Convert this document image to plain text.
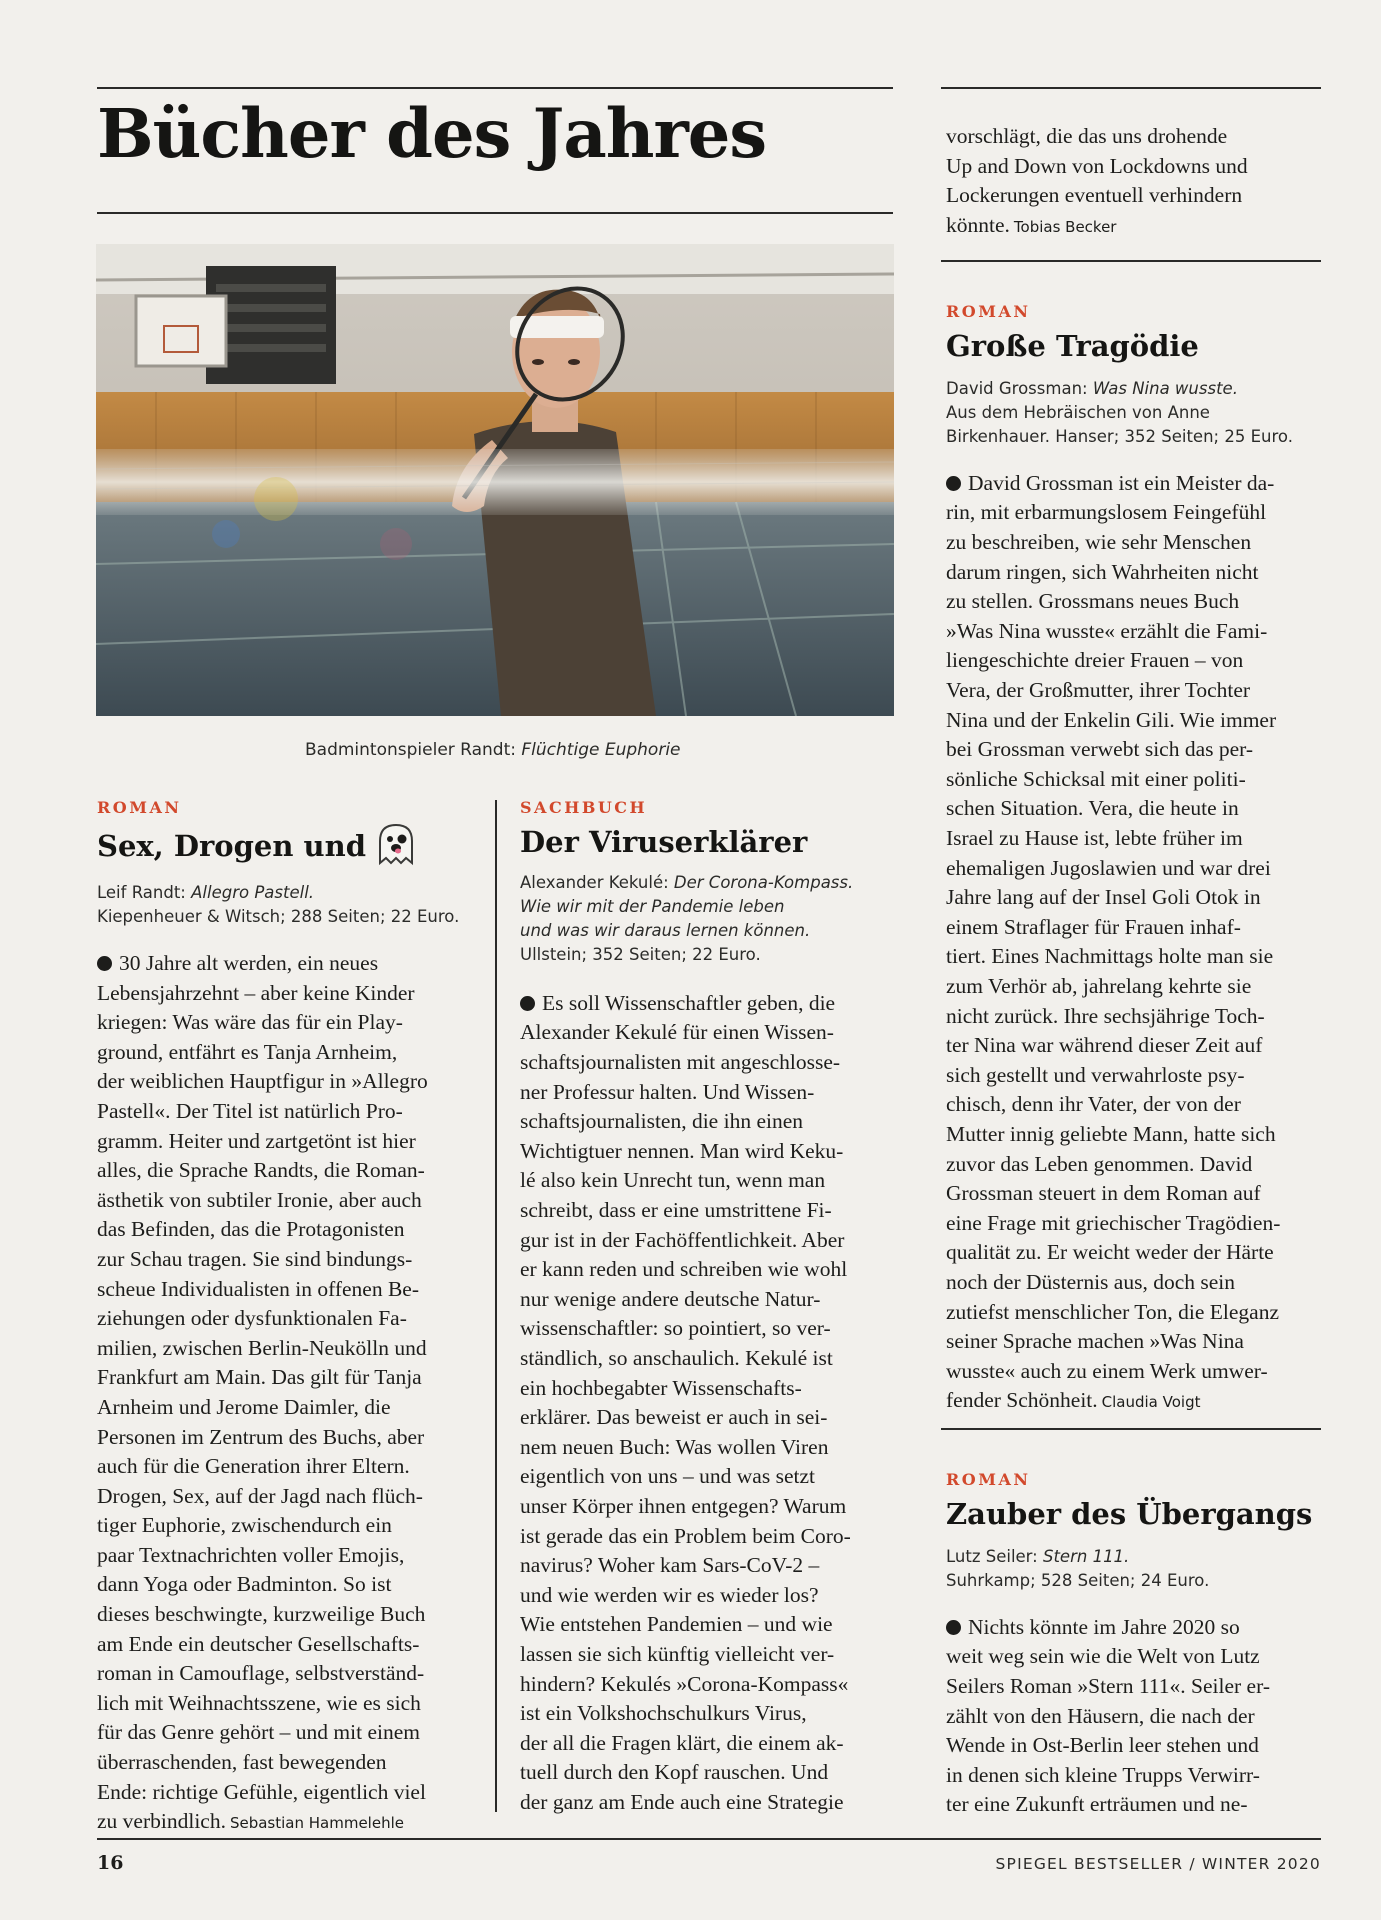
Bücher des Jahres
Badmintonspieler Randt: Flüchtige Euphorie
ROMAN
Sex, Drogen und
Leif Randt: Allegro Pastell.
Kiepenheuer & Witsch; 288 Seiten; 22 Euro.
30 Jahre alt werden, ein neues
Lebensjahrzehnt – aber keine Kinder
kriegen: Was wäre das für ein Play-
ground, entfährt es Tanja Arnheim,
der weiblichen Hauptfigur in »Allegro
Pastell«. Der Titel ist natürlich Pro-
gramm. Heiter und zartgetönt ist hier
alles, die Sprache Randts, die Roman-
ästhetik von subtiler Ironie, aber auch
das Befinden, das die Protagonisten
zur Schau tragen. Sie sind bindungs-
scheue Individualisten in offenen Be-
ziehungen oder dysfunktionalen Fa-
milien, zwischen Berlin-Neukölln und
Frankfurt am Main. Das gilt für Tanja
Arnheim und Jerome Daimler, die
Personen im Zentrum des Buchs, aber
auch für die Generation ihrer Eltern.
Drogen, Sex, auf der Jagd nach flüch-
tiger Euphorie, zwischendurch ein
paar Textnachrichten voller Emojis,
dann Yoga oder Badminton. So ist
dieses beschwingte, kurzweilige Buch
am Ende ein deutscher Gesellschafts-
roman in Camouflage, selbstverständ-
lich mit Weihnachtsszene, wie es sich
für das Genre gehört – und mit einem
überraschenden, fast bewegenden
Ende: richtige Gefühle, eigentlich viel
zu verbindlich. Sebastian Hammelehle
SACHBUCH
Der Viruserklärer
Alexander Kekulé: Der Corona-Kompass.
Wie wir mit der Pandemie leben
und was wir daraus lernen können.
Ullstein; 352 Seiten; 22 Euro.
Es soll Wissenschaftler geben, die
Alexander Kekulé für einen Wissen-
schaftsjournalisten mit angeschlosse-
ner Professur halten. Und Wissen-
schaftsjournalisten, die ihn einen
Wichtigtuer nennen. Man wird Keku-
lé also kein Unrecht tun, wenn man
schreibt, dass er eine umstrittene Fi-
gur ist in der Fachöffentlichkeit. Aber
er kann reden und schreiben wie wohl
nur wenige andere deutsche Natur-
wissenschaftler: so pointiert, so ver-
ständlich, so anschaulich. Kekulé ist
ein hochbegabter Wissenschafts-
erklärer. Das beweist er auch in sei-
nem neuen Buch: Was wollen Viren
eigentlich von uns – und was setzt
unser Körper ihnen entgegen? Warum
ist gerade das ein Problem beim Coro-
navirus? Woher kam Sars-CoV-2 –
und wie werden wir es wieder los?
Wie entstehen Pandemien – und wie
lassen sie sich künftig vielleicht ver-
hindern? Kekulés »Corona-Kompass«
ist ein Volkshochschulkurs Virus,
der all die Fragen klärt, die einem ak-
tuell durch den Kopf rauschen. Und
der ganz am Ende auch eine Strategie
vorschlägt, die das uns drohende
Up and Down von Lockdowns und
Lockerungen eventuell verhindern
könnte. Tobias Becker
ROMAN
Große Tragödie
David Grossman: Was Nina wusste.
Aus dem Hebräischen von Anne
Birkenhauer. Hanser; 352 Seiten; 25 Euro.
David Grossman ist ein Meister da-
rin, mit erbarmungslosem Feingefühl
zu beschreiben, wie sehr Menschen
darum ringen, sich Wahrheiten nicht
zu stellen. Grossmans neues Buch
»Was Nina wusste« erzählt die Fami-
liengeschichte dreier Frauen – von
Vera, der Großmutter, ihrer Tochter
Nina und der Enkelin Gili. Wie immer
bei Grossman verwebt sich das per-
sönliche Schicksal mit einer politi-
schen Situation. Vera, die heute in
Israel zu Hause ist, lebte früher im
ehemaligen Jugoslawien und war drei
Jahre lang auf der Insel Goli Otok in
einem Straflager für Frauen inhaf-
tiert. Eines Nachmittags holte man sie
zum Verhör ab, jahrelang kehrte sie
nicht zurück. Ihre sechsjährige Toch-
ter Nina war während dieser Zeit auf
sich gestellt und verwahrloste psy-
chisch, denn ihr Vater, der von der
Mutter innig geliebte Mann, hatte sich
zuvor das Leben genommen. David
Grossman steuert in dem Roman auf
eine Frage mit griechischer Tragödien-
qualität zu. Er weicht weder der Härte
noch der Düsternis aus, doch sein
zutiefst menschlicher Ton, die Eleganz
seiner Sprache machen »Was Nina
wusste« auch zu einem Werk umwer-
fender Schönheit. Claudia Voigt
ROMAN
Zauber des Übergangs
Lutz Seiler: Stern 111.
Suhrkamp; 528 Seiten; 24 Euro.
Nichts könnte im Jahre 2020 so
weit weg sein wie die Welt von Lutz
Seilers Roman »Stern 111«. Seiler er-
zählt von den Häusern, die nach der
Wende in Ost-Berlin leer stehen und
in denen sich kleine Trupps Verwirr-
ter eine Zukunft erträumen und ne-
16	SPIEGEL BESTSELLER / WINTER 2020
